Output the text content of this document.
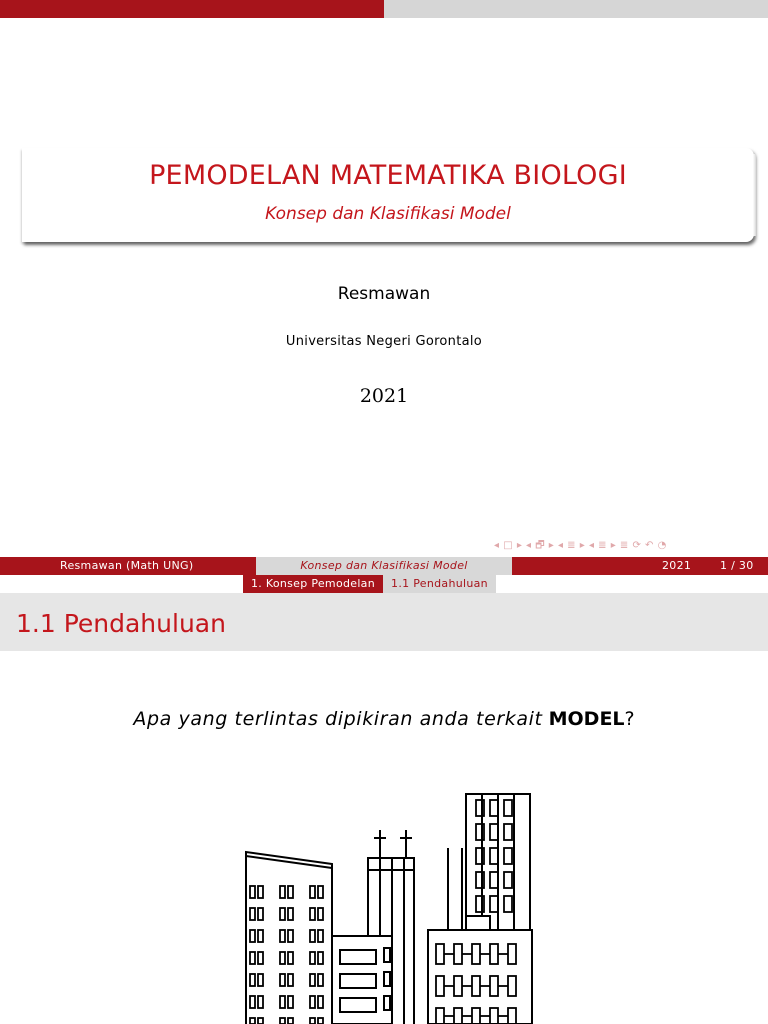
PEMODELAN MATEMATIKA BIOLOGI
Konsep dan Klasifikasi Model
Resmawan
Universitas Negeri Gorontalo
2021
◂ □ ▸ ◂ 🗗 ▸ ◂ ≣ ▸ ◂ ≣ ▸ ≣ ⟳ ↶ ◔
Resmawan (Math UNG)	Konsep dan Klasifikasi Model	2021	1 / 30
1. Konsep Pemodelan	1.1 Pendahuluan
1.1 Pendahuluan
Apa yang terlintas dipikiran anda terkait MODEL?
